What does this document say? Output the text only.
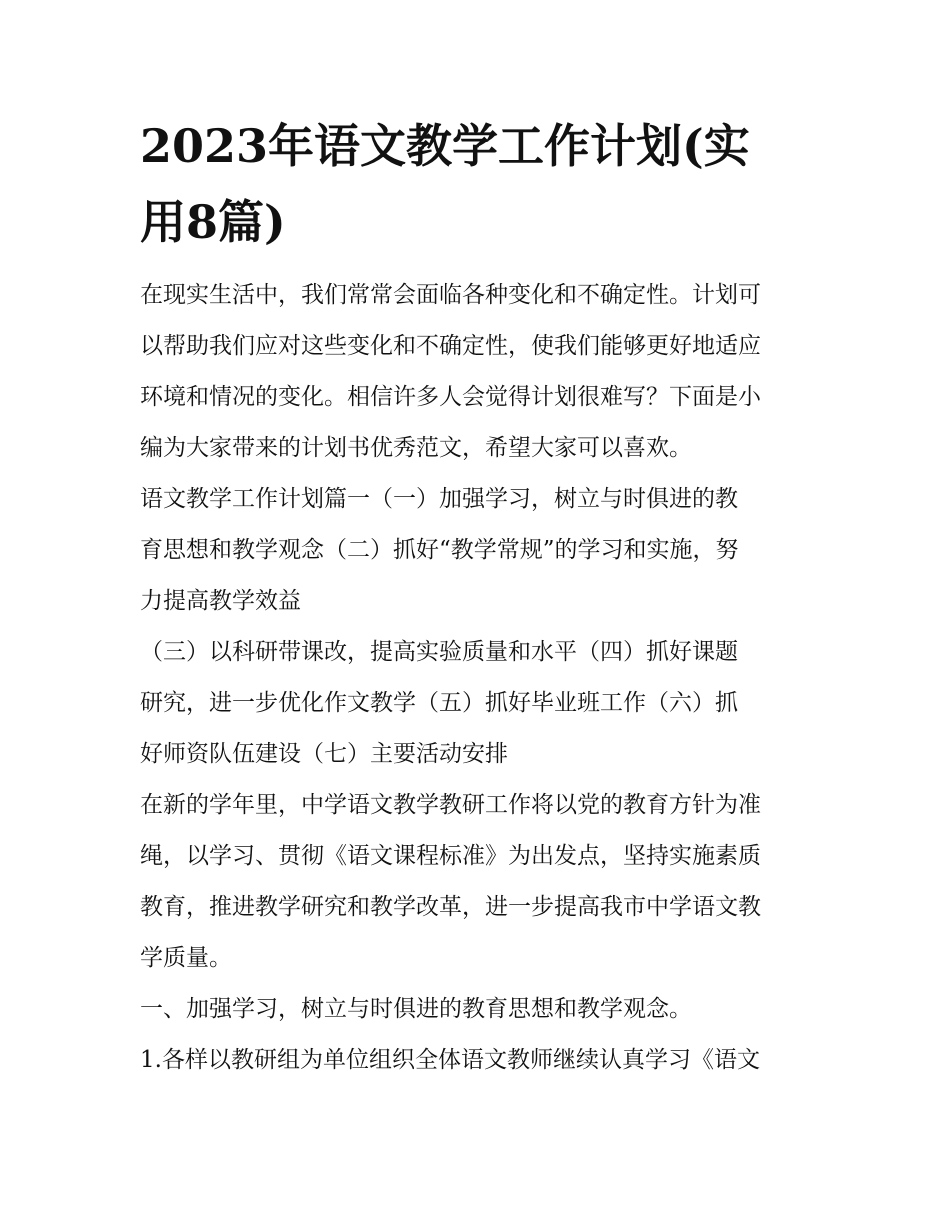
2023年语文教学工作计划(实
用8篇)
在现实生活中，我们常常会面临各种变化和不确定性。计划可
以帮助我们应对这些变化和不确定性，使我们能够更好地适应
环境和情况的变化。相信许多人会觉得计划很难写？下面是小
编为大家带来的计划书优秀范文，希望大家可以喜欢。
语文教学工作计划篇一（一）加强学习，树立与时俱进的教
育思想和教学观念（二）抓好“教学常规”的学习和实施，努
力提高教学效益
（三）以科研带课改，提高实验质量和水平（四）抓好课题
研究，进一步优化作文教学（五）抓好毕业班工作（六）抓
好师资队伍建设（七）主要活动安排
在新的学年里，中学语文教学教研工作将以党的教育方针为准
绳，以学习、贯彻《语文课程标准》为出发点，坚持实施素质
教育，推进教学研究和教学改革，进一步提高我市中学语文教
学质量。
一、加强学习，树立与时俱进的教育思想和教学观念。
1.各样以教研组为单位组织全体语文教师继续认真学习《语文
